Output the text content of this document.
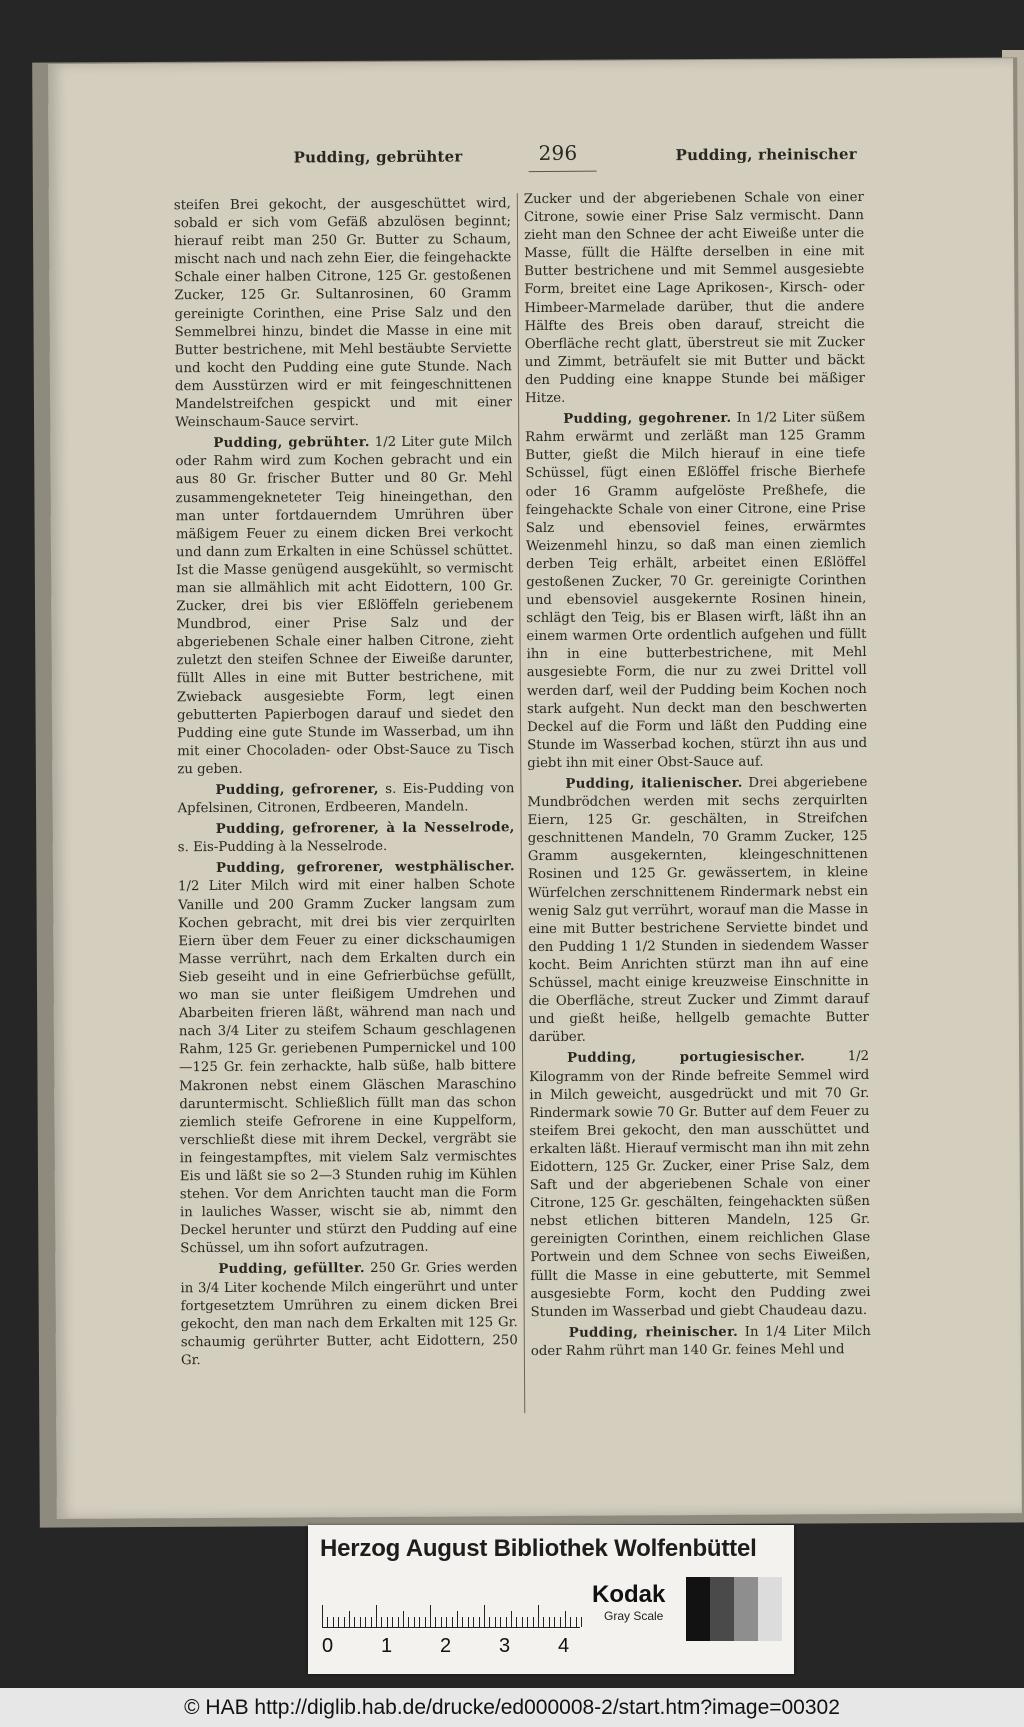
Pudding, gebrühter	296	Pudding, rheinischer

steifen Brei gekocht, der ausgeschüttet wird, sobald er sich vom Gefäß abzulösen beginnt; hierauf reibt man 250 Gr. Butter zu Schaum, mischt nach und nach zehn Eier, die feingehackte Schale einer halben Citrone, 125 Gr. gestoßenen Zucker, 125 Gr. Sultanrosinen, 60 Gramm gereinigte Corinthen, eine Prise Salz und den Semmelbrei hinzu, bindet die Masse in eine mit Butter bestrichene, mit Mehl bestäubte Serviette und kocht den Pudding eine gute Stunde. Nach dem Ausstürzen wird er mit feingeschnittenen Mandelstreifchen gespickt und mit einer Weinschaum-Sauce servirt.

Pudding, gebrühter. 1/2 Liter gute Milch oder Rahm wird zum Kochen gebracht und ein aus 80 Gr. frischer Butter und 80 Gr. Mehl zusammengekneteter Teig hineingethan, den man unter fortdauerndem Umrühren über mäßigem Feuer zu einem dicken Brei verkocht und dann zum Erkalten in eine Schüssel schüttet. Ist die Masse genügend ausgekühlt, so vermischt man sie allmählich mit acht Eidottern, 100 Gr. Zucker, drei bis vier Eßlöffeln geriebenem Mundbrod, einer Prise Salz und der abgeriebenen Schale einer halben Citrone, zieht zuletzt den steifen Schnee der Eiweiße darunter, füllt Alles in eine mit Butter bestrichene, mit Zwieback ausgesiebte Form, legt einen gebutterten Papierbogen darauf und siedet den Pudding eine gute Stunde im Wasserbad, um ihn mit einer Chocoladen- oder Obst-Sauce zu Tisch zu geben.

Pudding, gefrorener, s. Eis-Pudding von Apfelsinen, Citronen, Erdbeeren, Mandeln.

Pudding, gefrorener, à la Nesselrode, s. Eis-Pudding à la Nesselrode.

Pudding, gefrorener, westphälischer. 1/2 Liter Milch wird mit einer halben Schote Vanille und 200 Gramm Zucker langsam zum Kochen gebracht, mit drei bis vier zerquirlten Eiern über dem Feuer zu einer dickschaumigen Masse verrührt, nach dem Erkalten durch ein Sieb geseiht und in eine Gefrierbüchse gefüllt, wo man sie unter fleißigem Umdrehen und Abarbeiten frieren läßt, während man nach und nach 3/4 Liter zu steifem Schaum geschlagenen Rahm, 125 Gr. geriebenen Pumpernickel und 100—125 Gr. fein zerhackte, halb süße, halb bittere Makronen nebst einem Gläschen Maraschino daruntermischt. Schließlich füllt man das schon ziemlich steife Gefrorene in eine Kuppelform, verschließt diese mit ihrem Deckel, vergräbt sie in feingestampftes, mit vielem Salz vermischtes Eis und läßt sie so 2—3 Stunden ruhig im Kühlen stehen. Vor dem Anrichten taucht man die Form in lauliches Wasser, wischt sie ab, nimmt den Deckel herunter und stürzt den Pudding auf eine Schüssel, um ihn sofort aufzutragen.

Pudding, gefüllter. 250 Gr. Gries werden in 3/4 Liter kochende Milch eingerührt und unter fortgesetztem Umrühren zu einem dicken Brei gekocht, den man nach dem Erkalten mit 125 Gr. schaumig gerührter Butter, acht Eidottern, 250 Gr.

Zucker und der abgeriebenen Schale von einer Citrone, sowie einer Prise Salz vermischt. Dann zieht man den Schnee der acht Eiweiße unter die Masse, füllt die Hälfte derselben in eine mit Butter bestrichene und mit Semmel ausgesiebte Form, breitet eine Lage Aprikosen-, Kirsch- oder Himbeer-Marmelade darüber, thut die andere Hälfte des Breis oben darauf, streicht die Oberfläche recht glatt, überstreut sie mit Zucker und Zimmt, beträufelt sie mit Butter und bäckt den Pudding eine knappe Stunde bei mäßiger Hitze.

Pudding, gegohrener. In 1/2 Liter süßem Rahm erwärmt und zerläßt man 125 Gramm Butter, gießt die Milch hierauf in eine tiefe Schüssel, fügt einen Eßlöffel frische Bierhefe oder 16 Gramm aufgelöste Preßhefe, die feingehackte Schale von einer Citrone, eine Prise Salz und ebensoviel feines, erwärmtes Weizenmehl hinzu, so daß man einen ziemlich derben Teig erhält, arbeitet einen Eßlöffel gestoßenen Zucker, 70 Gr. gereinigte Corinthen und ebensoviel ausgekernte Rosinen hinein, schlägt den Teig, bis er Blasen wirft, läßt ihn an einem warmen Orte ordentlich aufgehen und füllt ihn in eine butterbestrichene, mit Mehl ausgesiebte Form, die nur zu zwei Drittel voll werden darf, weil der Pudding beim Kochen noch stark aufgeht. Nun deckt man den beschwerten Deckel auf die Form und läßt den Pudding eine Stunde im Wasserbad kochen, stürzt ihn aus und giebt ihn mit einer Obst-Sauce auf.

Pudding, italienischer. Drei abgeriebene Mundbrödchen werden mit sechs zerquirlten Eiern, 125 Gr. geschälten, in Streifchen geschnittenen Mandeln, 70 Gramm Zucker, 125 Gramm ausgekernten, kleingeschnittenen Rosinen und 125 Gr. gewässertem, in kleine Würfelchen zerschnittenem Rindermark nebst ein wenig Salz gut verrührt, worauf man die Masse in eine mit Butter bestrichene Serviette bindet und den Pudding 1 1/2 Stunden in siedendem Wasser kocht. Beim Anrichten stürzt man ihn auf eine Schüssel, macht einige kreuzweise Einschnitte in die Oberfläche, streut Zucker und Zimmt darauf und gießt heiße, hellgelb gemachte Butter darüber.

Pudding, portugiesischer.	1/2 Kilogramm von der Rinde befreite Semmel wird in Milch geweicht, ausgedrückt und mit 70 Gr. Rindermark sowie 70 Gr. Butter auf dem Feuer zu steifem Brei gekocht, den man ausschüttet und erkalten läßt. Hierauf vermischt man ihn mit zehn Eidottern, 125 Gr. Zucker, einer Prise Salz, dem Saft und der abgeriebenen Schale von einer Citrone, 125 Gr. geschälten, feingehackten süßen nebst etlichen bitteren Mandeln, 125 Gr. gereinigten Corinthen, einem reichlichen Glase Portwein und dem Schnee von sechs Eiweißen, füllt die Masse in eine gebutterte, mit Semmel ausgesiebte Form, kocht den Pudding zwei Stunden im Wasserbad und giebt Chaudeau dazu.

Pudding, rheinischer. In 1/4 Liter Milch oder Rahm rührt man 140 Gr. feines Mehl und

Herzog August Bibliothek Wolfenbüttel
0 1 2 3 4
Kodak
Gray Scale
© HAB http://diglib.hab.de/drucke/ed000008-2/start.htm?image=00302
